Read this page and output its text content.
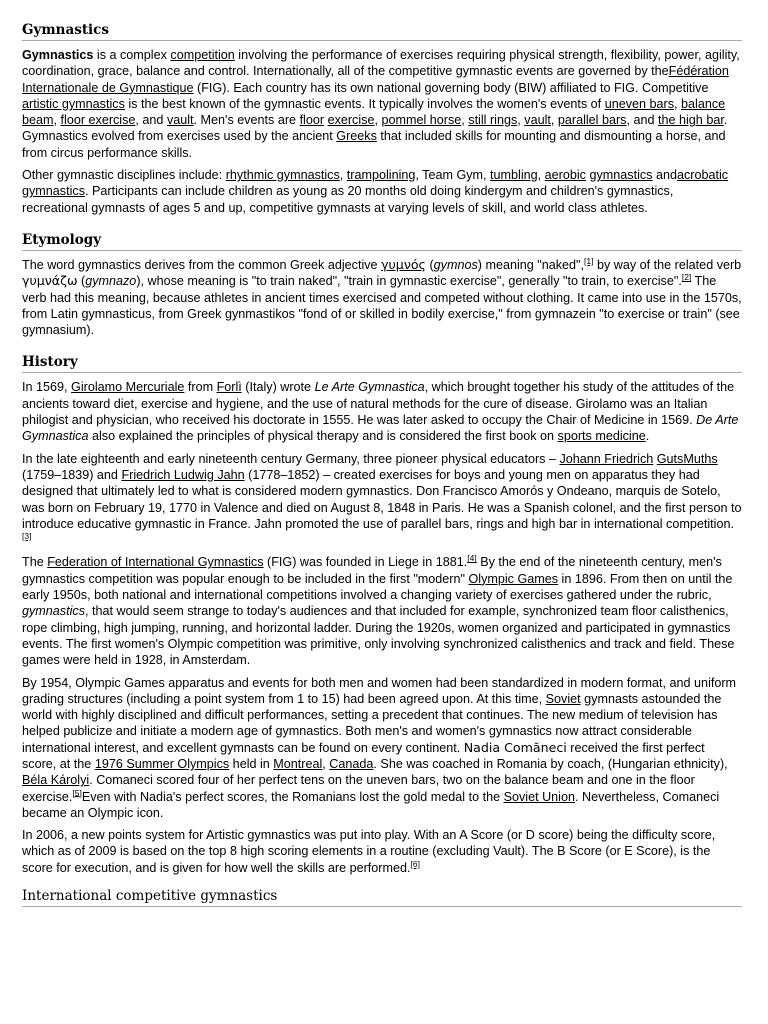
Gymnastics

Gymnastics is a complex competition involving the performance of exercises requiring physical strength, flexibility, power, agility, coordination, grace, balance and control. Internationally, all of the competitive gymnastic events are governed by theFédération Internationale de Gymnastique (FIG). Each country has its own national governing body (BIW) affiliated to FIG. Competitive artistic gymnastics is the best known of the gymnastic events. It typically involves the women's events of uneven bars, balance beam, floor exercise, and vault. Men's events are floor exercise, pommel horse, still rings, vault, parallel bars, and the high bar. Gymnastics evolved from exercises used by the ancient Greeks that included skills for mounting and dismounting a horse, and from circus performance skills.

Other gymnastic disciplines include: rhythmic gymnastics, trampolining, Team Gym, tumbling, aerobic gymnastics andacrobatic gymnastics. Participants can include children as young as 20 months old doing kindergym and children's gymnastics, recreational gymnasts of ages 5 and up, competitive gymnasts at varying levels of skill, and world class athletes.

Etymology

The word gymnastics derives from the common Greek adjective γυμνός (gymnos) meaning "naked",[1] by way of the related verb γυμνάζω (gymnazo), whose meaning is "to train naked", "train in gymnastic exercise", generally "to train, to exercise".[2] The verb had this meaning, because athletes in ancient times exercised and competed without clothing. It came into use in the 1570s, from Latin gymnasticus, from Greek gynmastikos "fond of or skilled in bodily exercise," from gymnazein "to exercise or train" (see gymnasium).

History

In 1569, Girolamo Mercuriale from Forlì (Italy) wrote Le Arte Gymnastica, which brought together his study of the attitudes of the ancients toward diet, exercise and hygiene, and the use of natural methods for the cure of disease. Girolamo was an Italian philogist and physician, who received his doctorate in 1555. He was later asked to occupy the Chair of Medicine in 1569. De Arte Gymnastica also explained the principles of physical therapy and is considered the first book on sports medicine.

In the late eighteenth and early nineteenth century Germany, three pioneer physical educators – Johann Friedrich GutsMuths (1759–1839) and Friedrich Ludwig Jahn (1778–1852) – created exercises for boys and young men on apparatus they had designed that ultimately led to what is considered modern gymnastics. Don Francisco Amorós y Ondeano, marquis de Sotelo, was born on February 19, 1770 in Valence and died on August 8, 1848 in Paris. He was a Spanish colonel, and the first person to introduce educative gymnastic in France. Jahn promoted the use of parallel bars, rings and high bar in international competition.[3]

The Federation of International Gymnastics (FIG) was founded in Liege in 1881.[4] By the end of the nineteenth century, men's gymnastics competition was popular enough to be included in the first "modern" Olympic Games in 1896. From then on until the early 1950s, both national and international competitions involved a changing variety of exercises gathered under the rubric, gymnastics, that would seem strange to today's audiences and that included for example, synchronized team floor calisthenics, rope climbing, high jumping, running, and horizontal ladder. During the 1920s, women organized and participated in gymnastics events. The first women's Olympic competition was primitive, only involving synchronized calisthenics and track and field. These games were held in 1928, in Amsterdam.

By 1954, Olympic Games apparatus and events for both men and women had been standardized in modern format, and uniform grading structures (including a point system from 1 to 15) had been agreed upon. At this time, Soviet gymnasts astounded the world with highly disciplined and difficult performances, setting a precedent that continues. The new medium of television has helped publicize and initiate a modern age of gymnastics. Both men's and women's gymnastics now attract considerable international interest, and excellent gymnasts can be found on every continent. Nadia Comăneci received the first perfect score, at the 1976 Summer Olympics held in Montreal, Canada. She was coached in Romania by coach, (Hungarian ethnicity), Béla Károlyi. Comaneci scored four of her perfect tens on the uneven bars, two on the balance beam and one in the floor exercise.[5]Even with Nadia's perfect scores, the Romanians lost the gold medal to the Soviet Union. Nevertheless, Comaneci became an Olympic icon.

In 2006, a new points system for Artistic gymnastics was put into play. With an A Score (or D score) being the difficulty score, which as of 2009 is based on the top 8 high scoring elements in a routine (excluding Vault). The B Score (or E Score), is the score for execution, and is given for how well the skills are performed.[6]

International competitive gymnastics
